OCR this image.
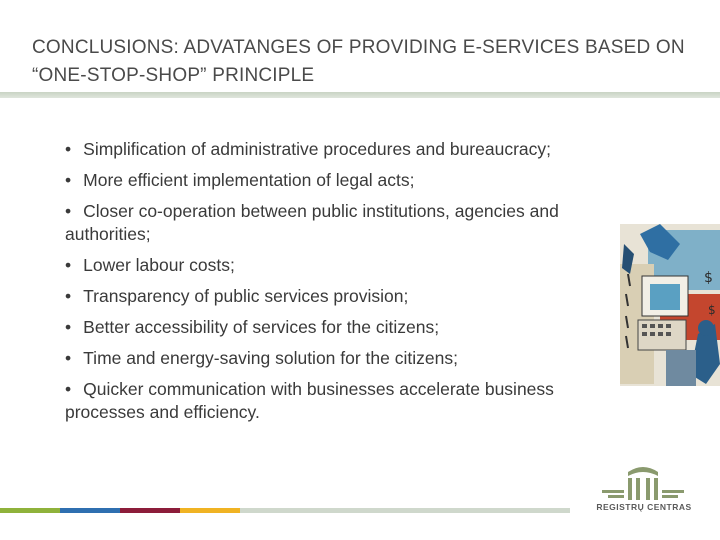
CONCLUSIONS: ADVATANGES OF PROVIDING E-SERVICES BASED ON “ONE-STOP-SHOP” PRINCIPLE
• Simplification of administrative procedures and bureaucracy;
• More efficient implementation of legal acts;
• Closer co-operation between public institutions, agencies and authorities;
• Lower labour costs;
• Transparency of public services provision;
• Better accessibility of services for the citizens;
• Time and energy-saving solution for the citizens;
• Quicker communication with businesses accelerate business processes and efficiency.
$
$
REGISTRŲ CENTRAS
